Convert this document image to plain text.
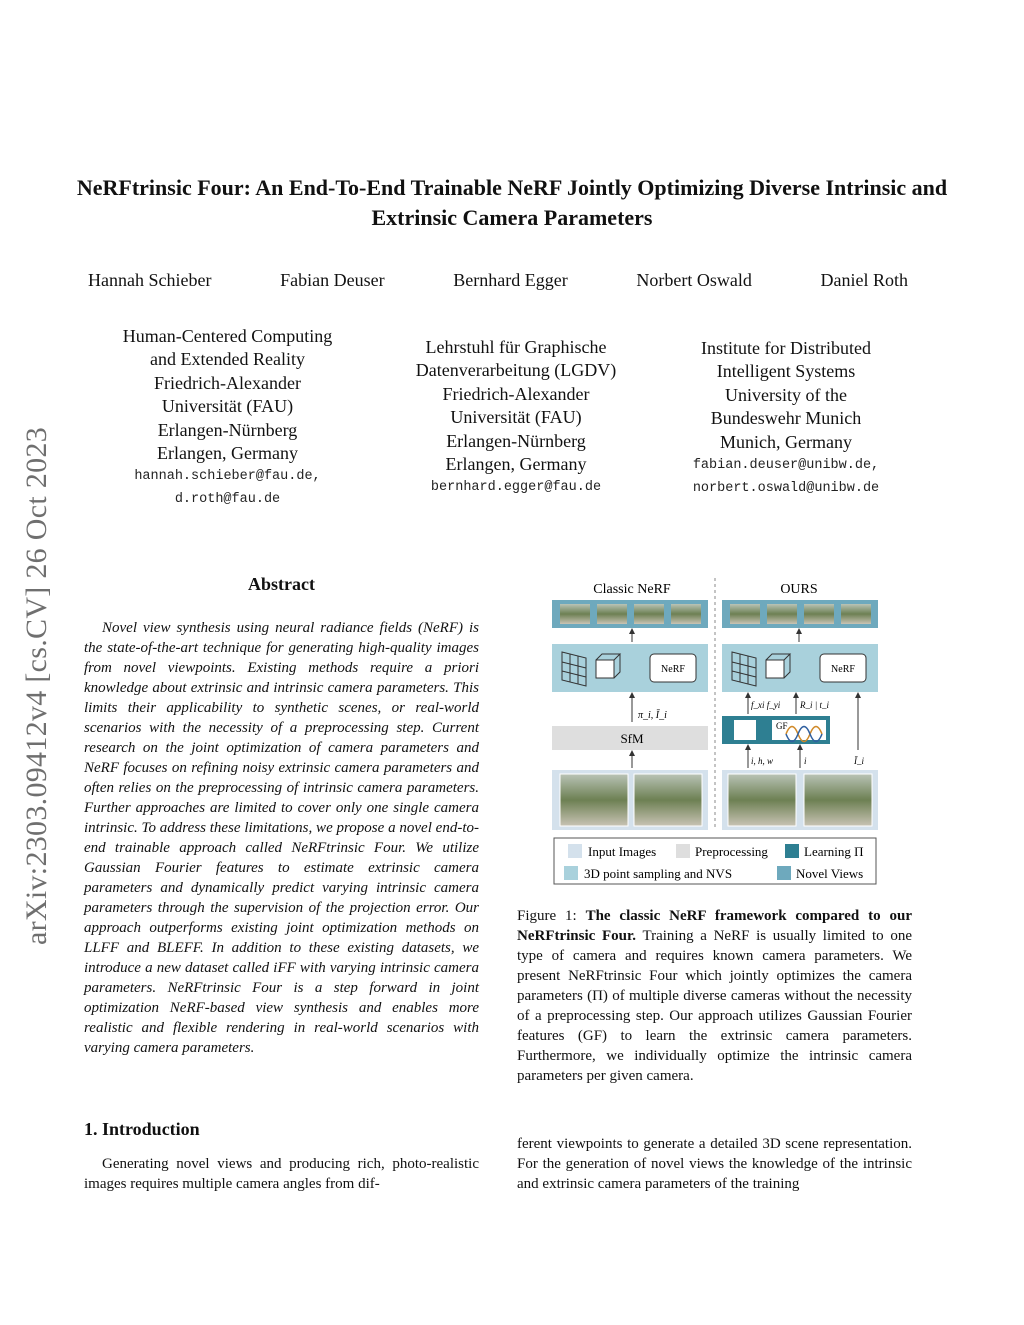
NeRFtrinsic Four: An End-To-End Trainable NeRF Jointly Optimizing Diverse Intrinsic and Extrinsic Camera Parameters
Hannah Schieber	Fabian Deuser	Bernhard Egger	Norbert Oswald	Daniel Roth
Human-Centered Computing
and Extended Reality
Friedrich-Alexander
Universität (FAU)
Erlangen-Nürnberg
Erlangen, Germany
hannah.schieber@fau.de,
d.roth@fau.de
Lehrstuhl für Graphische
Datenverarbeitung (LGDV)
Friedrich-Alexander
Universität (FAU)
Erlangen-Nürnberg
Erlangen, Germany
bernhard.egger@fau.de
Institute for Distributed
Intelligent Systems
University of the
Bundeswehr Munich
Munich, Germany
fabian.deuser@unibw.de,
norbert.oswald@unibw.de
arXiv:2303.09412v4 [cs.CV] 26 Oct 2023	Abstract
Novel view synthesis using neural radiance fields (NeRF) is the state-of-the-art technique for generating high-quality images from novel viewpoints. Existing methods require a priori knowledge about extrinsic and intrinsic camera parameters. This limits their applicability to synthetic scenes, or real-world scenarios with the necessity of a preprocessing step. Current research on the joint optimization of camera parameters and NeRF focuses on refining noisy extrinsic camera parameters and often relies on the preprocessing of intrinsic camera parameters. Further approaches are limited to cover only one single camera intrinsic. To address these limitations, we propose a novel end-to-end trainable approach called NeRFtrinsic Four. We utilize Gaussian Fourier features to estimate extrinsic camera parameters and dynamically predict varying intrinsic camera parameters through the supervision of the projection error. Our approach outperforms existing joint optimization methods on LLFF and BLEFF. In addition to these existing datasets, we introduce a new dataset called iFF with varying intrinsic camera parameters. NeRFtrinsic Four is a step forward in joint optimization NeRF-based view synthesis and enables more realistic and flexible rendering in real-world scenarios with varying camera parameters.
1. Introduction
Generating novel views and producing rich, photo-realistic images requires multiple camera angles from dif-
Classic NeRF	OURS
NeRF	NeRF
π_i, Ī_i
SfM
f_xi f_yi R_i | t_i
GF
i, h, w	i	Ī_i
Input Images	Preprocessing	Learning Π
3D point sampling and NVS	Novel Views
Figure 1: The classic NeRF framework compared to our NeRFtrinsic Four. Training a NeRF is usually limited to one type of camera and requires known camera parameters. We present NeRFtrinsic Four which jointly optimizes the camera parameters (Π) of multiple diverse cameras without the necessity of a preprocessing step. Our approach utilizes Gaussian Fourier features (GF) to learn the extrinsic camera parameters. Furthermore, we individually optimize the intrinsic camera parameters per given camera.
ferent viewpoints to generate a detailed 3D scene representation. For the generation of novel views the knowledge of the intrinsic and extrinsic camera parameters of the training
